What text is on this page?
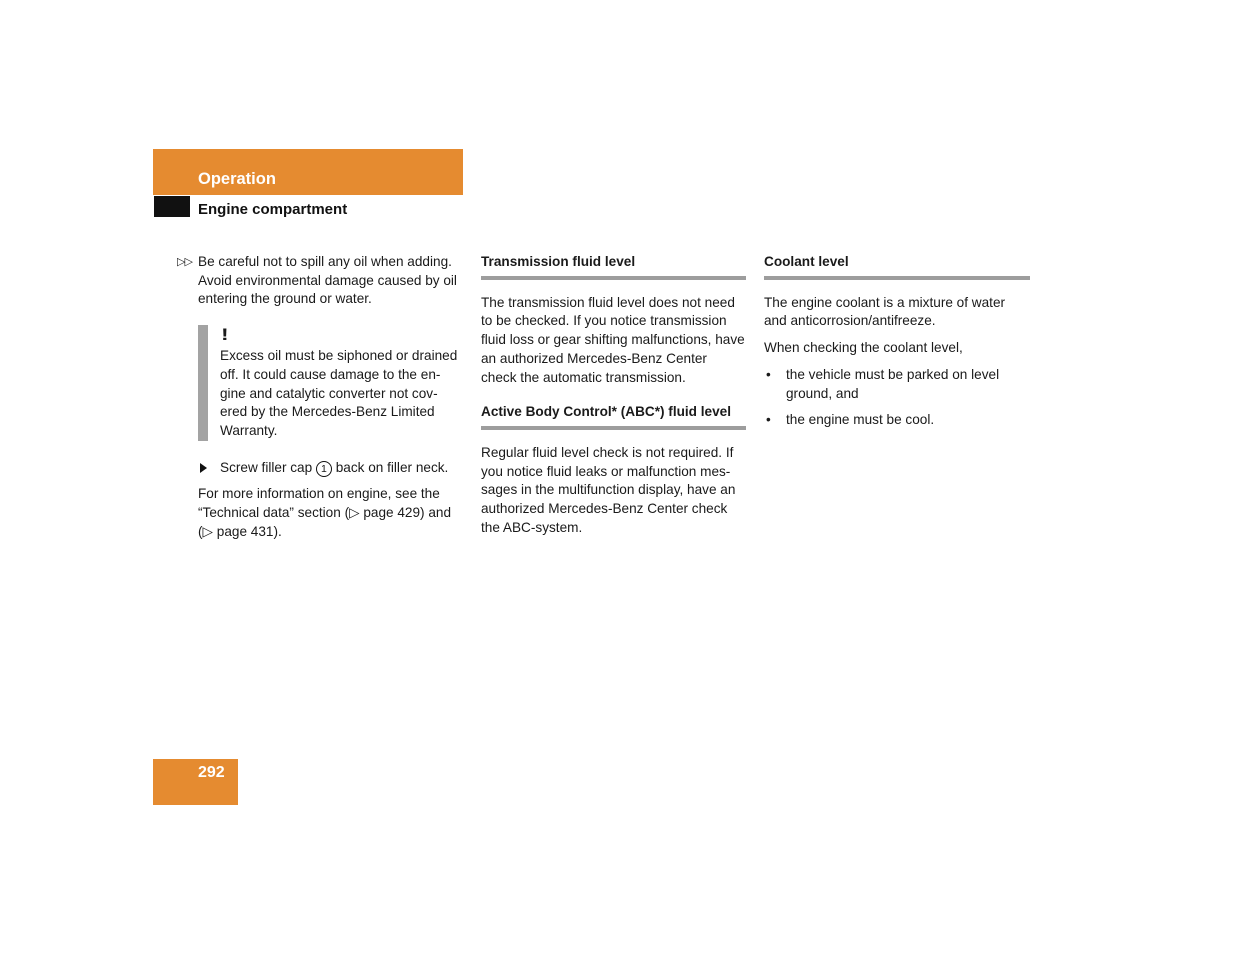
Operation
Engine compartment
▷▷ Be careful not to spill any oil when adding. Avoid environmental damage caused by oil entering the ground or water.

!
Excess oil must be siphoned or drained off. It could cause damage to the en-gine and catalytic converter not cov-ered by the Mercedes-Benz Limited Warranty.
Screw filler cap 1 back on filler neck.

For more information on engine, see the “Technical data” section (▷ page 429) and (▷ page 431).

Transmission fluid level

The transmission fluid level does not need to be checked. If you notice transmission fluid loss or gear shifting malfunctions, have an authorized Mercedes-Benz Center check the automatic transmission.

Active Body Control* (ABC*) fluid level

Regular fluid level check is not required. If you notice fluid leaks or malfunction mes-sages in the multifunction display, have an authorized Mercedes-Benz Center check the ABC-system.

Coolant level

The engine coolant is a mixture of water and anticorrosion/antifreeze.

When checking the coolant level,

• the vehicle must be parked on level ground, and
• the engine must be cool.
292
